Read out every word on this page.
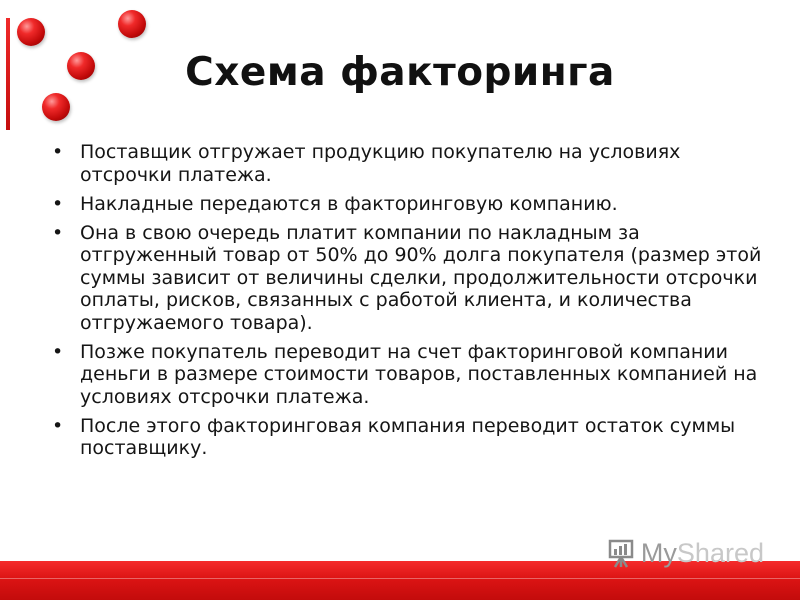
Схема факторинга
• Поставщик отгружает продукцию покупателю на условиях отсрочки платежа.
• Накладные передаются в факторинговую компанию.
• Она в свою очередь платит компании по накладным за отгруженный товар от 50% до 90% долга покупателя (размер этой суммы зависит от величины сделки, продолжительности отсрочки оплаты, рисков, связанных с работой клиента, и количества отгружаемого товара).
• Позже покупатель переводит на счет факторинговой компании деньги в размере стоимости товаров, поставленных компанией на условиях отсрочки платежа.
• После этого факторинговая компания переводит остаток суммы поставщику.
My Shared
